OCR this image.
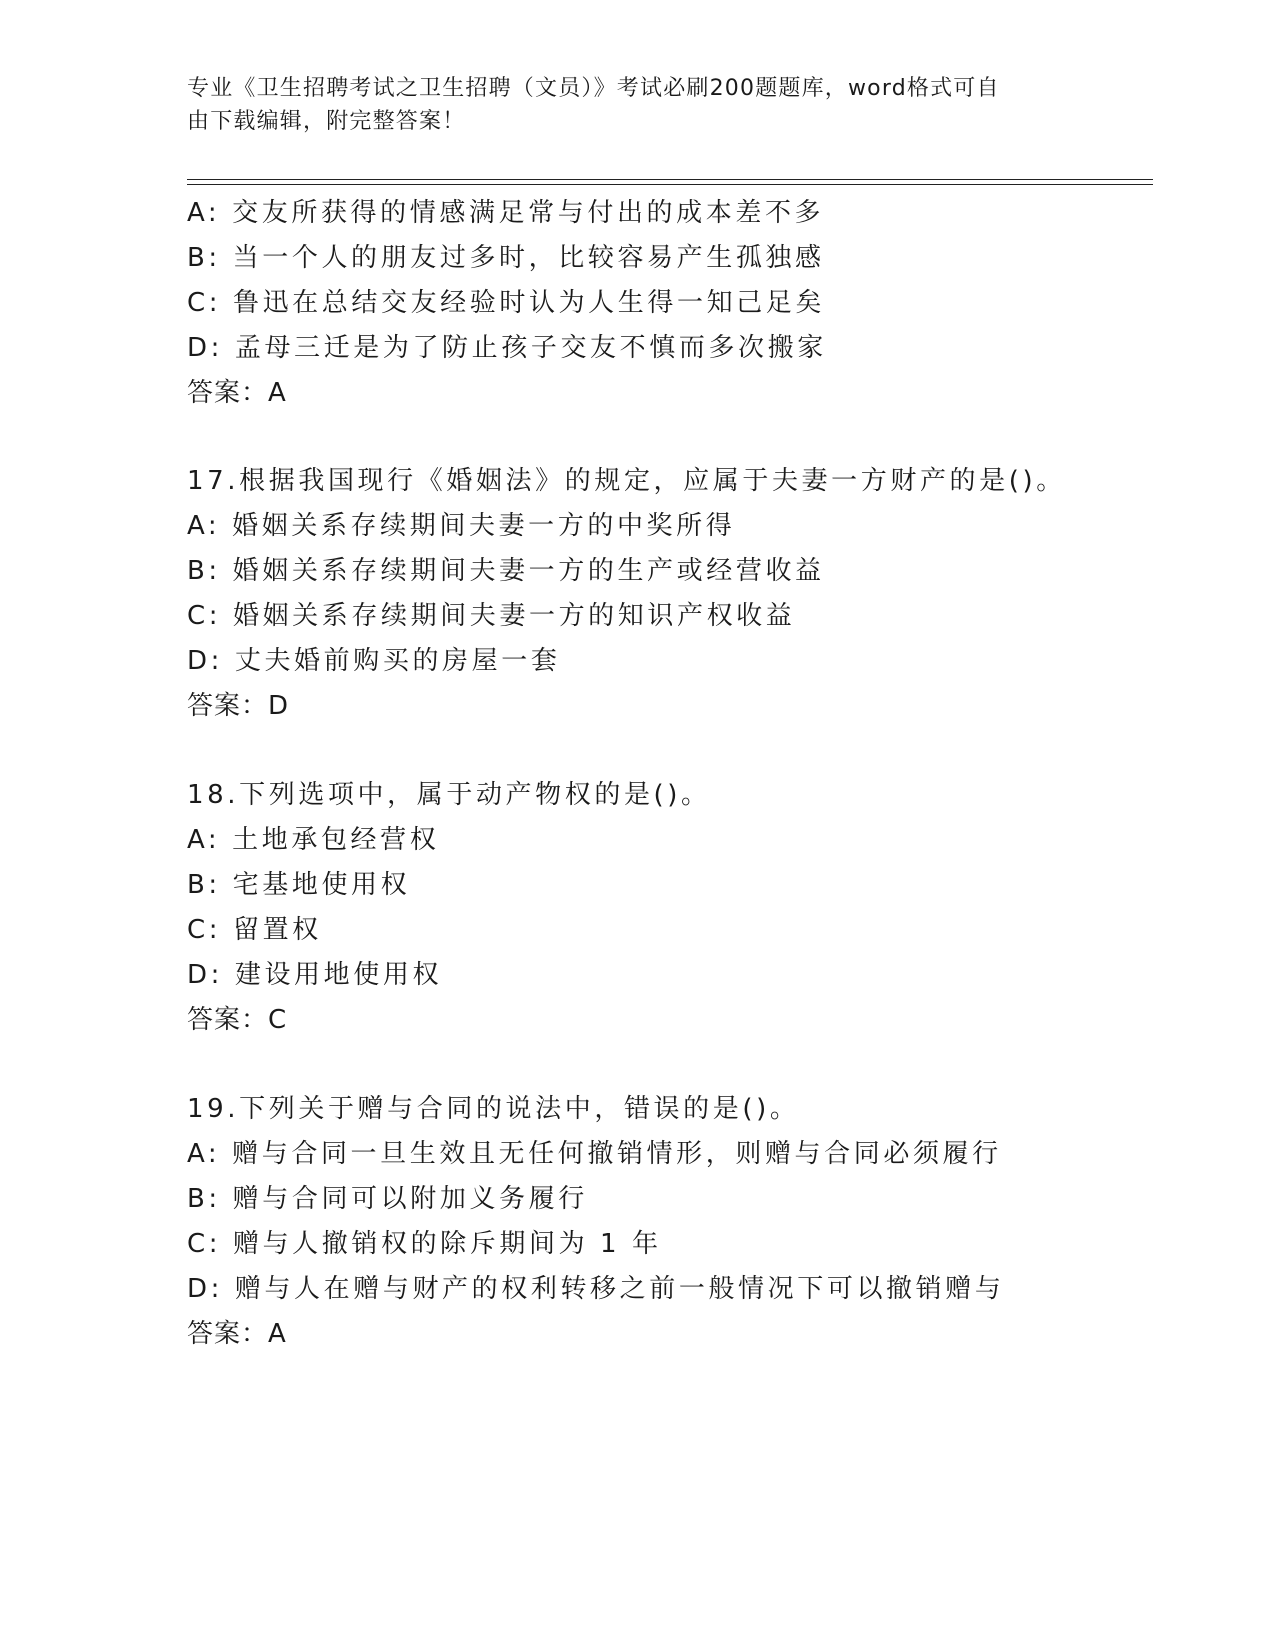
专业《卫生招聘考试之卫生招聘（文员）》考试必刷200题题库，word格式可自
由下载编辑，附完整答案！
A: 交友所获得的情感满足常与付出的成本差不多
B: 当一个人的朋友过多时，比较容易产生孤独感
C: 鲁迅在总结交友经验时认为人生得一知己足矣
D: 孟母三迁是为了防止孩子交友不慎而多次搬家
答案：A
17.根据我国现行《婚姻法》的规定，应属于夫妻一方财产的是()。
A: 婚姻关系存续期间夫妻一方的中奖所得
B: 婚姻关系存续期间夫妻一方的生产或经营收益
C: 婚姻关系存续期间夫妻一方的知识产权收益
D: 丈夫婚前购买的房屋一套
答案：D
18.下列选项中，属于动产物权的是()。
A: 土地承包经营权
B: 宅基地使用权
C: 留置权
D: 建设用地使用权
答案：C
19.下列关于赠与合同的说法中，错误的是()。
A: 赠与合同一旦生效且无任何撤销情形，则赠与合同必须履行
B: 赠与合同可以附加义务履行
C: 赠与人撤销权的除斥期间为 1 年
D: 赠与人在赠与财产的权利转移之前一般情况下可以撤销赠与
答案：A
